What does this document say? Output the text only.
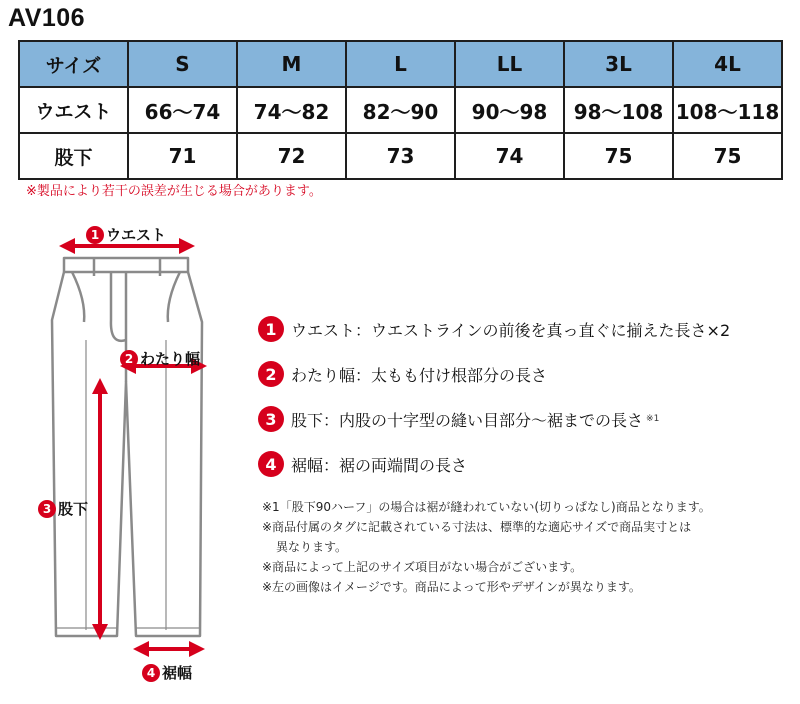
AV106
サイズ	S	M	L	LL	3L	4L
ウエスト	66〜74	74〜82	82〜90	90〜98	98〜108	108〜118
股下	71	72	73	74	75	75
※製品により若干の誤差が生じる場合があります。
1 ウエスト
2 わたり幅
3 股下
4 裾幅
1 ウエスト ：ウエストラインの前後を真っ直ぐに揃えた長さ×2
2 わたり幅 ：太もも付け根部分の長さ
3 股下 ：内股の十字型の縫い目部分〜裾までの長さ ※1
4 裾幅 ：裾の両端間の長さ
※1「股下90ハーフ」の場合は裾が縫われていない(切りっぱなし)商品となります。
※商品付属のタグに記載されている寸法は、標準的な適応サイズで商品実寸とは
異なります。
※商品によって上記のサイズ項目がない場合がございます。
※左の画像はイメージです。商品によって形やデザインが異なります。
